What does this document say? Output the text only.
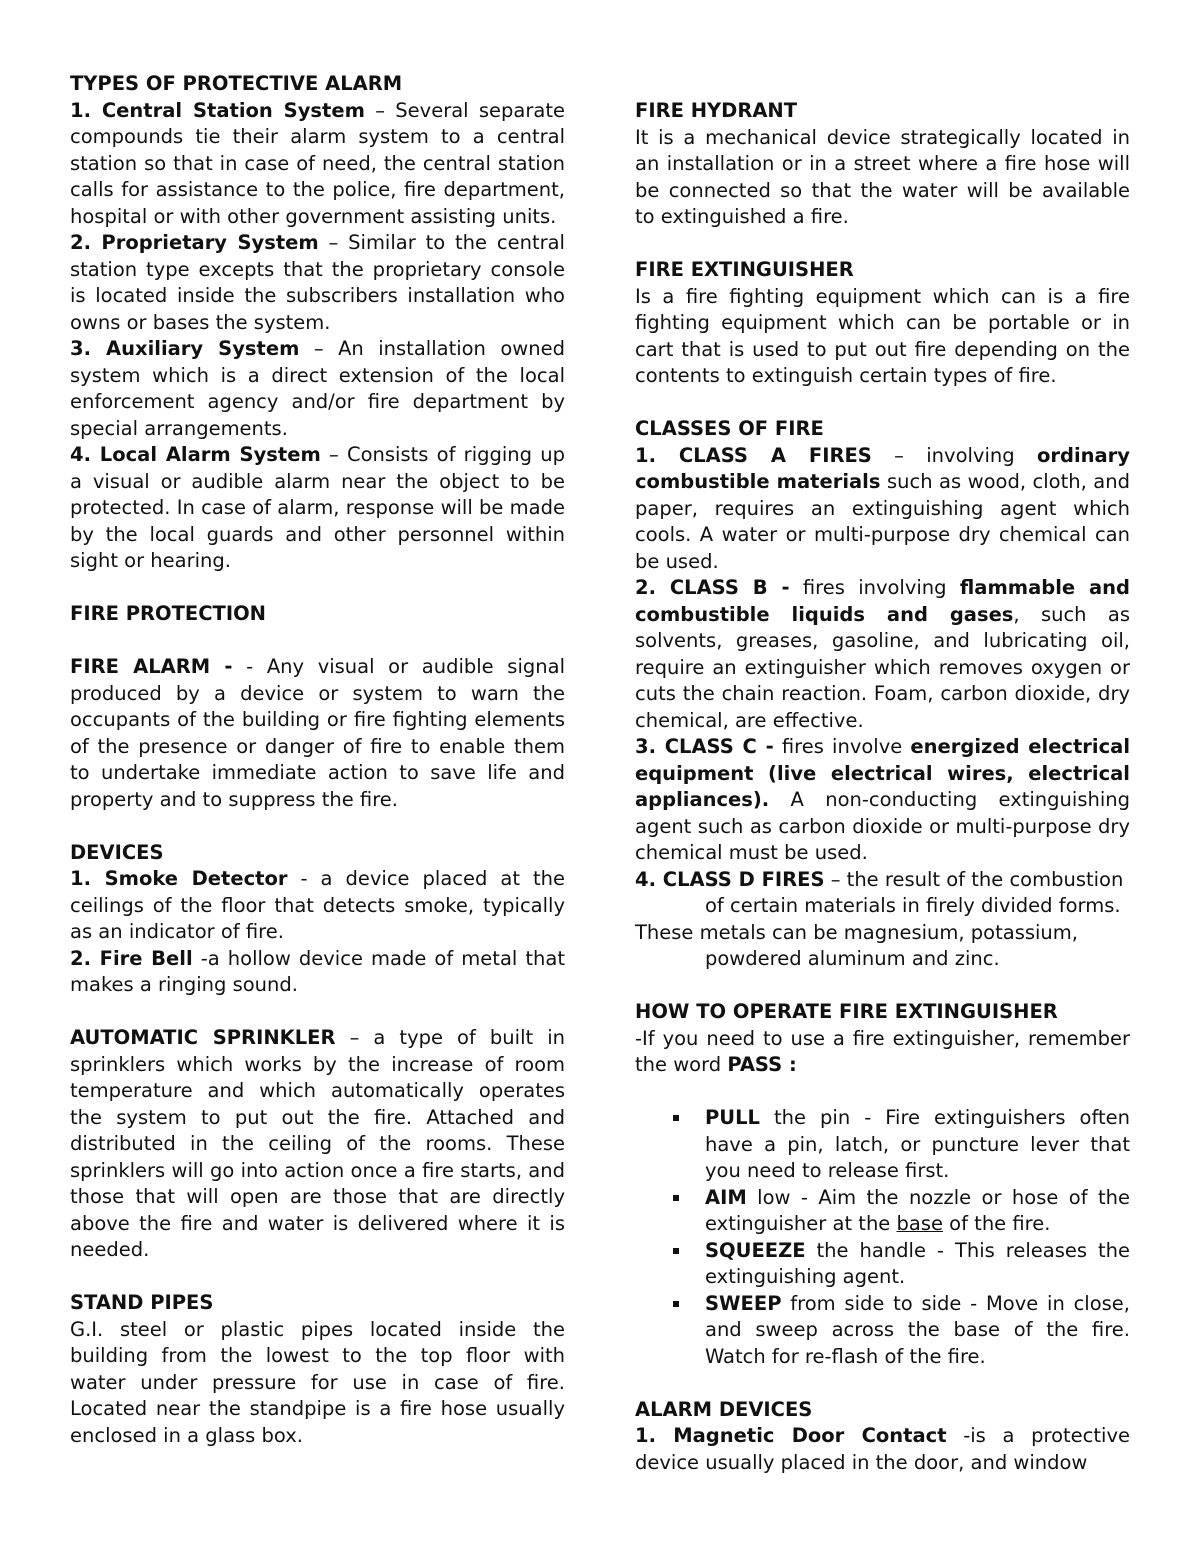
TYPES OF PROTECTIVE ALARM

1. Central Station System – Several separate compounds tie their alarm system to a central station so that in case of need, the central station calls for assistance to the police, fire department, hospital or with other government assisting units.

2. Proprietary System – Similar to the central station type excepts that the proprietary console is located inside the subscribers installation who owns or bases the system.

3. Auxiliary System – An installation owned system which is a direct extension of the local enforcement agency and/or fire department by special arrangements.

4. Local Alarm System – Consists of rigging up a visual or audible alarm near the object to be protected. In case of alarm, response will be made by the local guards and other personnel within sight or hearing.

FIRE PROTECTION

FIRE ALARM - - Any visual or audible signal produced by a device or system to warn the occupants of the building or fire fighting elements of the presence or danger of fire to enable them to undertake immediate action to save life and property and to suppress the fire.

DEVICES

1. Smoke Detector - a device placed at the ceilings of the floor that detects smoke, typically as an indicator of fire.

2. Fire Bell -a hollow device made of metal that makes a ringing sound.

AUTOMATIC SPRINKLER – a type of built in sprinklers which works by the increase of room temperature and which automatically operates the system to put out the fire. Attached and distributed in the ceiling of the rooms. These sprinklers will go into action once a fire starts, and those that will open are those that are directly above the fire and water is delivered where it is needed.

STAND PIPES

G.I. steel or plastic pipes located inside the building from the lowest to the top floor with water under pressure for use in case of fire. Located near the standpipe is a fire hose usually enclosed in a glass box.

FIRE HYDRANT

It is a mechanical device strategically located in an installation or in a street where a fire hose will be connected so that the water will be available to extinguished a fire.

FIRE EXTINGUISHER

Is a fire fighting equipment which can is a fire fighting equipment which can be portable or in cart that is used to put out fire depending on the contents to extinguish certain types of fire.

CLASSES OF FIRE

1. CLASS A FIRES – involving ordinary combustible materials such as wood, cloth, and paper, requires an extinguishing agent which cools. A water or multi-purpose dry chemical can be used.

2. CLASS B - fires involving flammable and combustible liquids and gases, such as solvents, greases, gasoline, and lubricating oil, require an extinguisher which removes oxygen or cuts the chain reaction. Foam, carbon dioxide, dry chemical, are effective.

3. CLASS C - fires involve energized electrical equipment (live electrical wires, electrical appliances). A non-conducting extinguishing agent such as carbon dioxide or multi-purpose dry chemical must be used.

4. CLASS D FIRES – the result of the combustion

of certain materials in firely divided forms.

These metals can be magnesium, potassium,

powdered aluminum and zinc.

HOW TO OPERATE FIRE EXTINGUISHER

-If you need to use a fire extinguisher, remember the word PASS :

PULL the pin - Fire extinguishers often have a pin, latch, or puncture lever that you need to release first.
AIM low - Aim the nozzle or hose of the extinguisher at the base of the fire.
SQUEEZE the handle - This releases the extinguishing agent.
SWEEP from side to side - Move in close, and sweep across the base of the fire. Watch for re-flash of the fire.

ALARM DEVICES

1. Magnetic Door Contact -is a protective device usually placed in the door, and window
